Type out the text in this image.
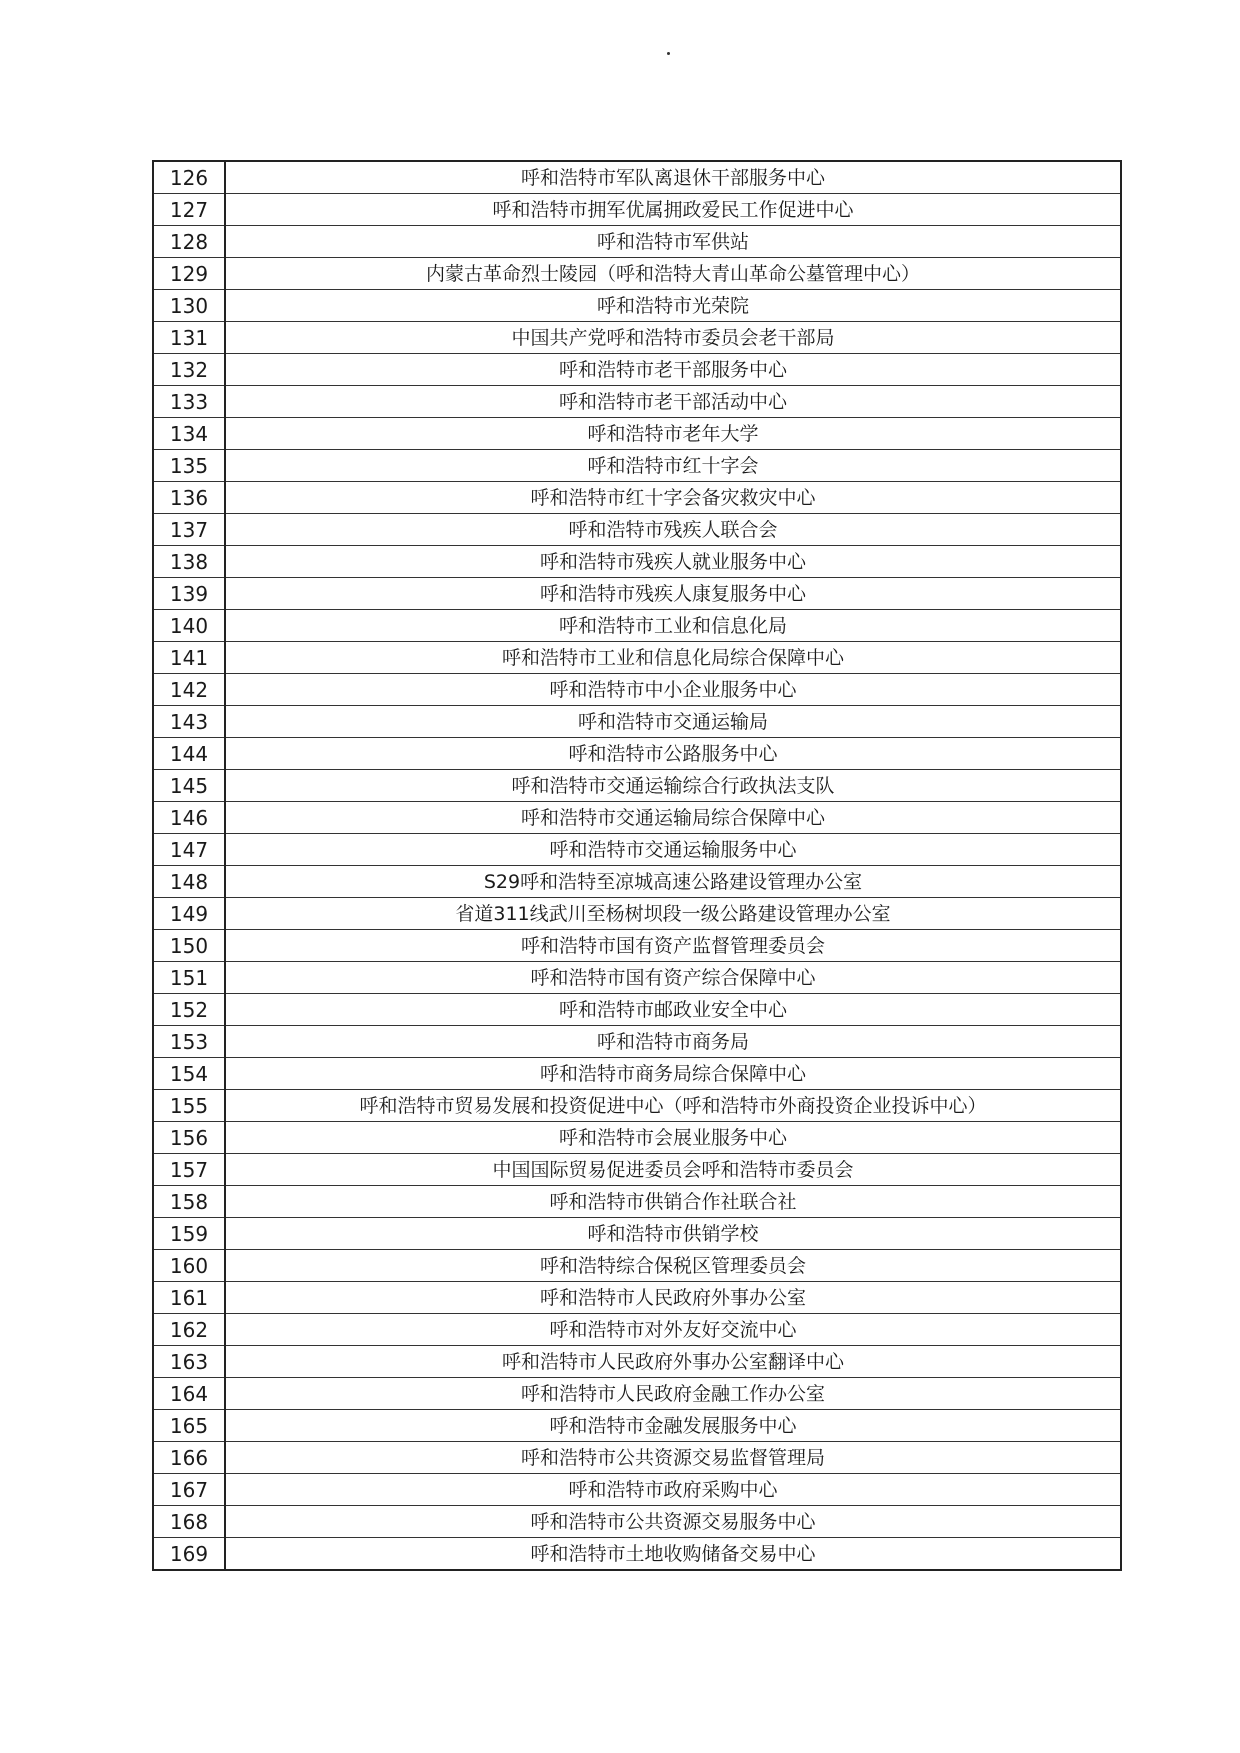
126	呼和浩特市军队离退休干部服务中心
127	呼和浩特市拥军优属拥政爱民工作促进中心
128	呼和浩特市军供站
129	内蒙古革命烈士陵园（呼和浩特大青山革命公墓管理中心）
130	呼和浩特市光荣院
131	中国共产党呼和浩特市委员会老干部局
132	呼和浩特市老干部服务中心
133	呼和浩特市老干部活动中心
134	呼和浩特市老年大学
135	呼和浩特市红十字会
136	呼和浩特市红十字会备灾救灾中心
137	呼和浩特市残疾人联合会
138	呼和浩特市残疾人就业服务中心
139	呼和浩特市残疾人康复服务中心
140	呼和浩特市工业和信息化局
141	呼和浩特市工业和信息化局综合保障中心
142	呼和浩特市中小企业服务中心
143	呼和浩特市交通运输局
144	呼和浩特市公路服务中心
145	呼和浩特市交通运输综合行政执法支队
146	呼和浩特市交通运输局综合保障中心
147	呼和浩特市交通运输服务中心
148	S29呼和浩特至凉城高速公路建设管理办公室
149	省道311线武川至杨树坝段一级公路建设管理办公室
150	呼和浩特市国有资产监督管理委员会
151	呼和浩特市国有资产综合保障中心
152	呼和浩特市邮政业安全中心
153	呼和浩特市商务局
154	呼和浩特市商务局综合保障中心
155	呼和浩特市贸易发展和投资促进中心（呼和浩特市外商投资企业投诉中心）
156	呼和浩特市会展业服务中心
157	中国国际贸易促进委员会呼和浩特市委员会
158	呼和浩特市供销合作社联合社
159	呼和浩特市供销学校
160	呼和浩特综合保税区管理委员会
161	呼和浩特市人民政府外事办公室
162	呼和浩特市对外友好交流中心
163	呼和浩特市人民政府外事办公室翻译中心
164	呼和浩特市人民政府金融工作办公室
165	呼和浩特市金融发展服务中心
166	呼和浩特市公共资源交易监督管理局
167	呼和浩特市政府采购中心
168	呼和浩特市公共资源交易服务中心
169	呼和浩特市土地收购储备交易中心
